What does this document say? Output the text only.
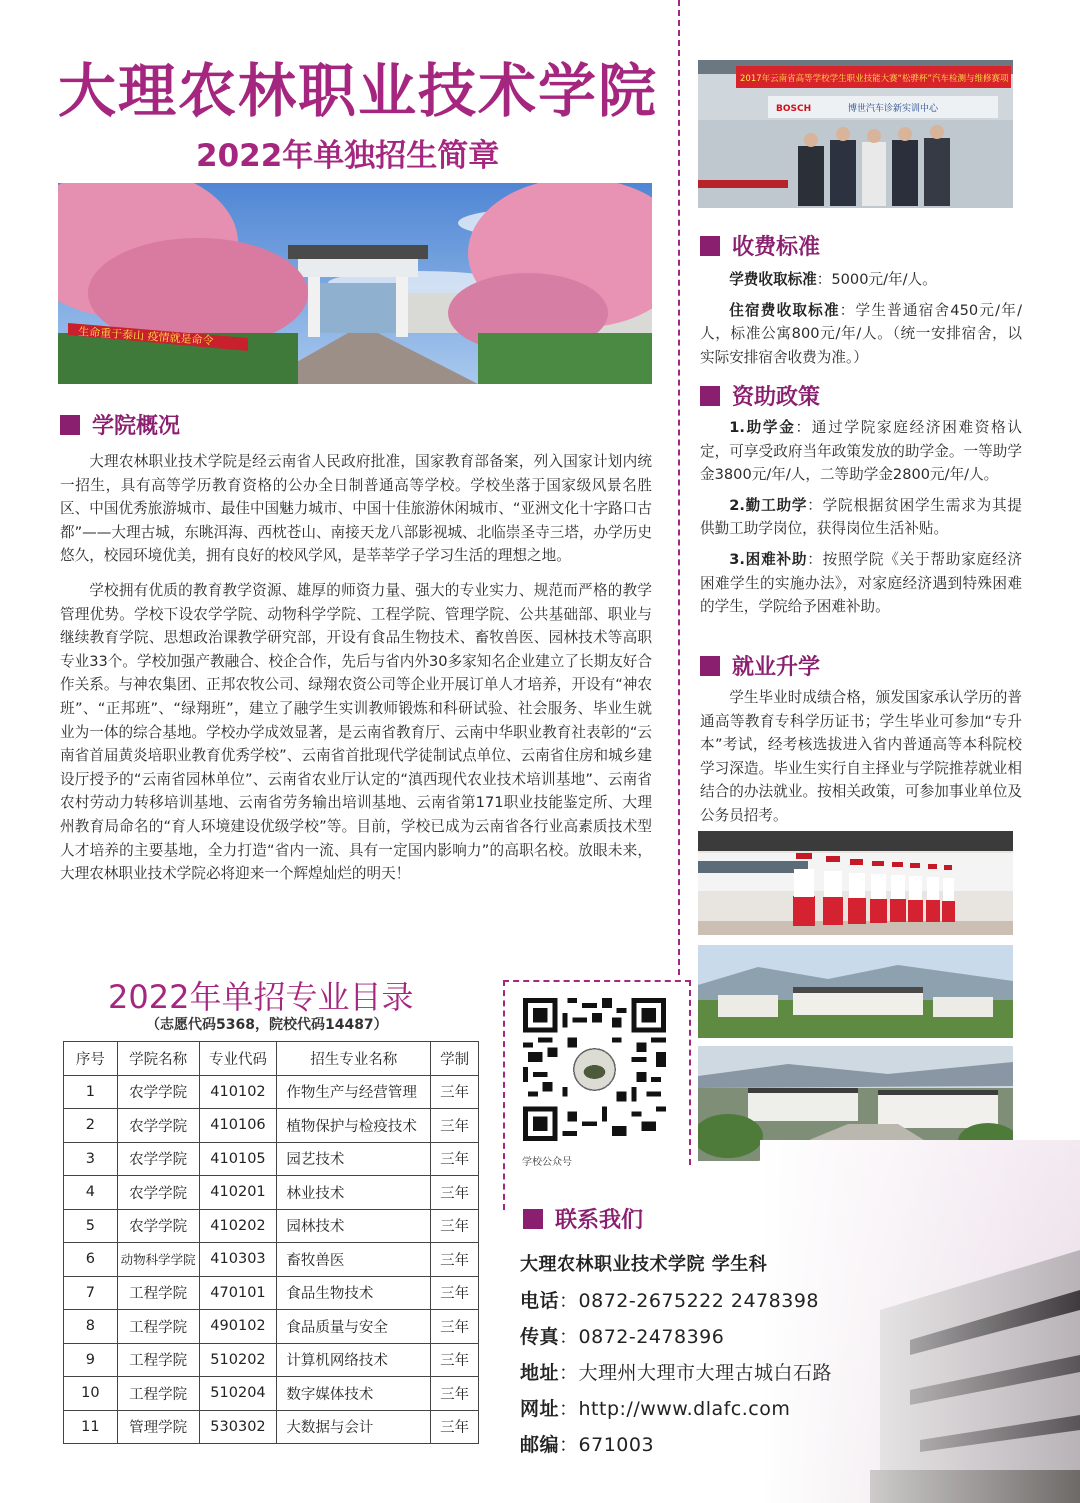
大理农林职业技术学院
2022年单独招生简章
生命重于泰山 疫情就是命令
学院概况

大理农林职业技术学院是经云南省人民政府批准，国家教育部备案，列入国家计划内统一招生，具有高等学历教育资格的公办全日制普通高等学校。学校坐落于国家级风景名胜区、中国优秀旅游城市、最佳中国魅力城市、中国十佳旅游休闲城市、“亚洲文化十字路口古都”——大理古城，东眺洱海、西枕苍山、南接天龙八部影视城、北临崇圣寺三塔，办学历史悠久，校园环境优美，拥有良好的校风学风，是莘莘学子学习生活的理想之地。

学校拥有优质的教育教学资源、雄厚的师资力量、强大的专业实力、规范而严格的教学管理优势。学校下设农学学院、动物科学学院、工程学院、管理学院、公共基础部、职业与继续教育学院、思想政治课教学研究部，开设有食品生物技术、畜牧兽医、园林技术等高职专业33个。学校加强产教融合、校企合作，先后与省内外30多家知名企业建立了长期友好合作关系。与神农集团、正邦农牧公司、绿翔农资公司等企业开展订单人才培养，开设有“神农班”、“正邦班”、“绿翔班”，建立了融学生实训教师锻炼和科研试验、社会服务、毕业生就业为一体的综合基地。学校办学成效显著，是云南省教育厅、云南中华职业教育社表彰的“云南省首届黄炎培职业教育优秀学校”、云南省首批现代学徒制试点单位、云南省住房和城乡建设厅授予的“云南省园林单位”、云南省农业厅认定的“滇西现代农业技术培训基地”、云南省农村劳动力转移培训基地、云南省劳务输出培训基地、云南省第171职业技能鉴定所、大理州教育局命名的“育人环境建设优级学校”等。目前，学校已成为云南省各行业高素质技术型人才培养的主要基地，全力打造“省内一流、具有一定国内影响力”的高职名校。放眼未来，大理农林职业技术学院必将迎来一个辉煌灿烂的明天！

2017年云南省高等学校学生职业技能大赛“松骅杯”汽车检测与维修赛项
BOSCH	博世汽车诊新实训中心
收费标准

学费收取标准：5000元/年/人。

住宿费收取标准：学生普通宿舍450元/年/人，标准公寓800元/年/人。（统一安排宿舍，以实际安排宿舍收费为准。）

资助政策

1.助学金：通过学院家庭经济困难资格认定，可享受政府当年政策发放的助学金。一等助学金3800元/年/人，二等助学金2800元/年/人。

2.勤工助学：学院根据贫困学生需求为其提供勤工助学岗位，获得岗位生活补贴。

3.困难补助：按照学院《关于帮助家庭经济困难学生的实施办法》，对家庭经济遇到特殊困难的学生，学院给予困难补助。

就业升学

学生毕业时成绩合格，颁发国家承认学历的普通高等教育专科学历证书；学生毕业可参加“专升本”考试，经考核选拔进入省内普通高等本科院校学习深造。毕业生实行自主择业与学院推荐就业相结合的办法就业。按相关政策，可参加事业单位及公务员招考。

2022年单招专业目录
（志愿代码5368，院校代码14487）
序号	学院名称	专业代码	招生专业名称	学制
1	农学学院	410102	作物生产与经营管理	三年
2	农学学院	410106	植物保护与检疫技术	三年
3	农学学院	410105	园艺技术	三年
4	农学学院	410201	林业技术	三年
5	农学学院	410202	园林技术	三年
6	动物科学学院	410303	畜牧兽医	三年
7	工程学院	470101	食品生物技术	三年
8	工程学院	490102	食品质量与安全	三年
9	工程学院	510202	计算机网络技术	三年
10	工程学院	510204	数字媒体技术	三年
11	管理学院	530302	大数据与会计	三年
学校公众号
联系我们
大理农林职业技术学院 学生科
电话：0872-2675222 2478398
传真：0872-2478396
地址：大理州大理市大理古城白石路
网址：http://www.dlafc.com
邮编：671003
